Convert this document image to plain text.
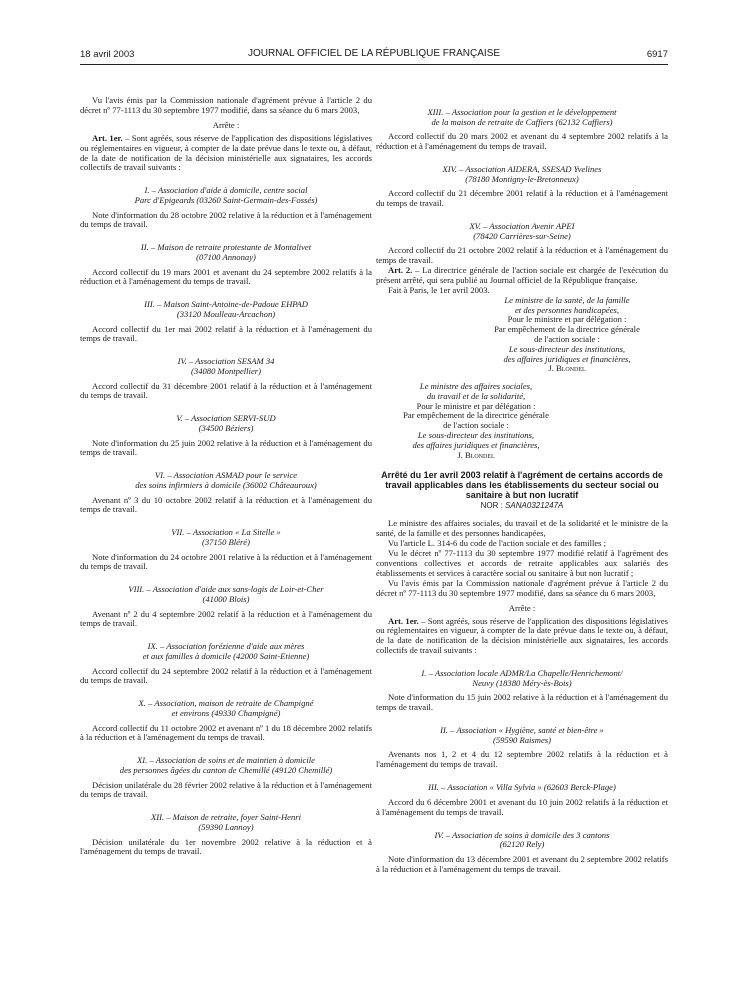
18 avril 2003	JOURNAL OFFICIEL DE LA RÉPUBLIQUE FRANÇAISE	6917

Vu l'avis émis par la Commission nationale d'agrément prévue à l'article 2 du décret nº 77-1113 du 30 septembre 1977 modifié, dans sa séance du 6 mars 2003,

Arrête :

Art. 1er. – Sont agréés, sous réserve de l'application des dispositions législatives ou réglementaires en vigueur, à compter de la date prévue dans le texte ou, à défaut, de la date de notification de la décision ministérielle aux signataires, les accords collectifs de travail suivants :

I. – Association d'aide à domicile, centre social
Parc d'Epigeards (03260 Saint-Germain-des-Fossés)

Note d'information du 28 octobre 2002 relative à la réduction et à l'aménagement du temps de travail.

II. – Maison de retraite protestante de Montalivet
(07100 Annonay)

Accord collectif du 19 mars 2001 et avenant du 24 septembre 2002 relatifs à la réduction et à l'aménagement du temps de travail.

III. – Maison Saint-Antoine-de-Padoue EHPAD
(33120 Moulleau-Arcachon)

Accord collectif du 1er mai 2002 relatif à la réduction et à l'aménagement du temps de travail.

IV. – Association SESAM 34
(34080 Montpellier)

Accord collectif du 31 décembre 2001 relatif à la réduction et à l'aménagement du temps de travail.

V. – Association SERVI-SUD
(34500 Béziers)

Note d'information du 25 juin 2002 relative à la réduction et à l'aménagement du temps de travail.

VI. – Association ASMAD pour le service
des soins infirmiers à domicile (36002 Châteauroux)

Avenant nº 3 du 10 octobre 2002 relatif à la réduction et à l'aménagement du temps de travail.

VII. – Association « La Sitelle »
(37150 Bléré)

Note d'information du 24 octobre 2001 relative à la réduction et à l'aménagement du temps de travail.

VIII. – Association d'aide aux sans-logis de Loir-et-Cher
(41000 Blois)

Avenant nº 2 du 4 septembre 2002 relatif à la réduction et à l'aménagement du temps de travail.

IX. – Association forézienne d'aide aux mères
et aux familles à domicile (42000 Saint-Etienne)

Accord collectif du 24 septembre 2002 relatif à la réduction et à l'aménagement du temps de travail.

X. – Association, maison de retraite de Champigné
et environs (49330 Champigné)

Accord collectif du 11 octobre 2002 et avenant nº 1 du 18 décembre 2002 relatifs à la réduction et à l'aménagement du temps de travail.

XI. – Association de soins et de maintien à domicile
des personnes âgées du canton de Chemillé (49120 Chemillé)

Décision unilatérale du 28 février 2002 relative à la réduction et à l'aménagement du temps de travail.

XII. – Maison de retraite, foyer Saint-Henri
(59390 Lannoy)

Décision unilatérale du 1er novembre 2002 relative à la réduction et à l'aménagement du temps de travail.

XIII. – Association pour la gestion et le développement
de la maison de retraite de Caffiers (62132 Caffiers)

Accord collectif du 20 mars 2002 et avenant du 4 septembre 2002 relatifs à la réduction et à l'aménagement du temps de travail.

XIV. – Association AIDERA, SSESAD Yvelines
(78180 Montigny-le-Bretonneux)

Accord collectif du 21 décembre 2001 relatif à la réduction et à l'aménagement du temps de travail.

XV. – Association Avenir APEI
(78420 Carrières-sur-Seine)

Accord collectif du 21 octobre 2002 relatif à la réduction et à l'aménagement du temps de travail.

Art. 2. – La directrice générale de l'action sociale est chargée de l'exécution du présent arrêté, qui sera publié au Journal officiel de la République française.

Fait à Paris, le 1er avril 2003.

Le ministre de la santé, de la famille
et des personnes handicapées,
Pour le ministre et par délégation :
Par empêchement de la directrice générale
de l'action sociale :
Le sous-directeur des institutions,
des affaires juridiques et financières,
J. Blondel
Le ministre des affaires sociales,
du travail et de la solidarité,
Pour le ministre et par délégation :
Par empêchement de la directrice générale
de l'action sociale :
Le sous-directeur des institutions,
des affaires juridiques et financières,
J. Blondel
Arrêté du 1er avril 2003 relatif à l'agrément de certains accords de travail applicables dans les établissements du secteur social ou sanitaire à but non lucratif
NOR : SANA0321247A

Le ministre des affaires sociales, du travail et de la solidarité et le ministre de la santé, de la famille et des personnes handicapées,

Vu l'article L. 314-6 du code de l'action sociale et des familles ;

Vu le décret nº 77-1113 du 30 septembre 1977 modifié relatif à l'agrément des conventions collectives et accords de retraite applicables aux salariés des établissements et services à caractère social ou sanitaire à but non lucratif ;

Vu l'avis émis par la Commission nationale d'agrément prévue à l'article 2 du décret nº 77-1113 du 30 septembre 1977 modifié, dans sa séance du 6 mars 2003,

Arrête :

Art. 1er. – Sont agréés, sous réserve de l'application des dispositions législatives ou réglementaires en vigueur, à compter de la date prévue dans le texte ou, à défaut, de la date de notification de la décision ministérielle aux signataires, les accords collectifs de travail suivants :

I. – Association locale ADMR/La Chapelle/Henrichemont/
Neuvy (18380 Méry-ès-Bois)

Note d'information du 15 juin 2002 relative à la réduction et à l'aménagement du temps de travail.

II. – Association « Hygiène, santé et bien-être »
(59590 Raismes)

Avenants nos 1, 2 et 4 du 12 septembre 2002 relatifs à la réduction et à l'aménagement du temps de travail.

III. – Association « Villa Sylvia » (62603 Berck-Plage)

Accord du 6 décembre 2001 et avenant du 10 juin 2002 relatifs à la réduction et à l'aménagement du temps de travail.

IV. – Association de soins à domicile des 3 cantons
(62120 Rely)

Note d'information du 13 décembre 2001 et avenant du 2 septembre 2002 relatifs à la réduction et à l'aménagement du temps de travail.
